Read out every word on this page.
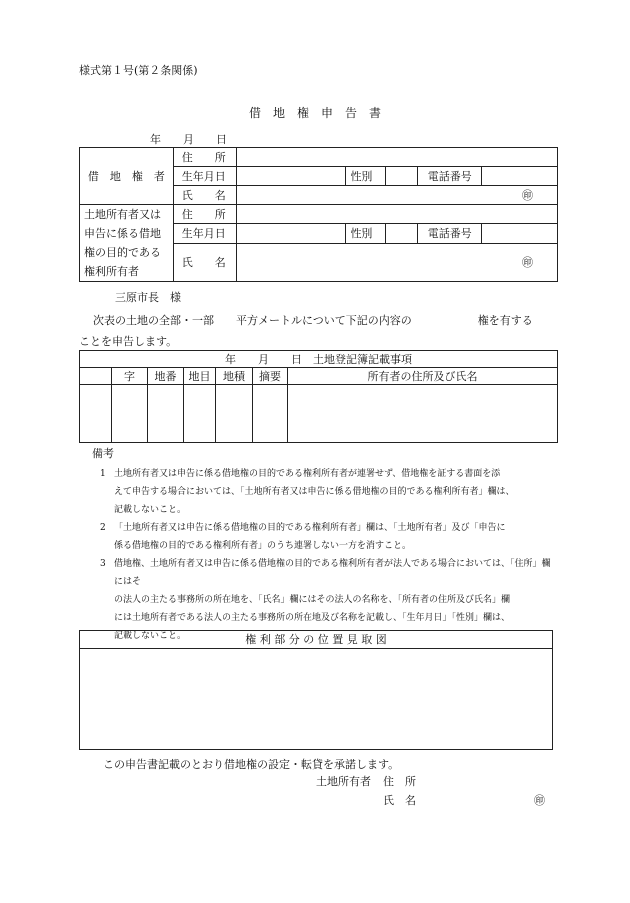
様式第１号(第２条関係)
借　地　権　申　告　書
年　　月　　日
借　地　権　者	住　　所					
	生年月日		性別		電話番号	
	氏　　名	㊞				

土地所有者又は
申告に係る借地
権の目的である
権利所有者	住　　所					
	生年月日		性別		電話番号	
	氏　　名	㊞				
三原市長　様
次表の土地の全部・一部　　平方メートルについて下記の内容の　　　　　　権を有する
ことを申告します。
年　　月　　日　土地登記簿記載事項						
	字	地番	地目	地積	摘要	所有者の住所及び氏名

備考
1 土地所有者又は申告に係る借地権の目的である権利所有者が連署せず、借地権を証する書面を添

えて申告する場合においては、「土地所有者又は申告に係る借地権の目的である権利所有者」欄は、

記載しないこと。

2 「土地所有者又は申告に係る借地権の目的である権利所有者」欄は、「土地所有者」及び「申告に

係る借地権の目的である権利所有者」のうち連署しない一方を消すこと。

3 借地権、土地所有者又は申告に係る借地権の目的である権利所有者が法人である場合においては、「住所」欄にはそ

の法人の主たる事務所の所在地を、「氏名」欄にはその法人の名称を、「所有者の住所及び氏名」欄

には土地所有者である法人の主たる事務所の所在地及び名称を記載し、「生年月日」「性別」欄は、

記載しないこと。	権 利 部 分 の 位 置 見 取 図
この申告書記載のとおり借地権の設定・転貸を承諾します。
土地所有者 住　所
氏　名	㊞
